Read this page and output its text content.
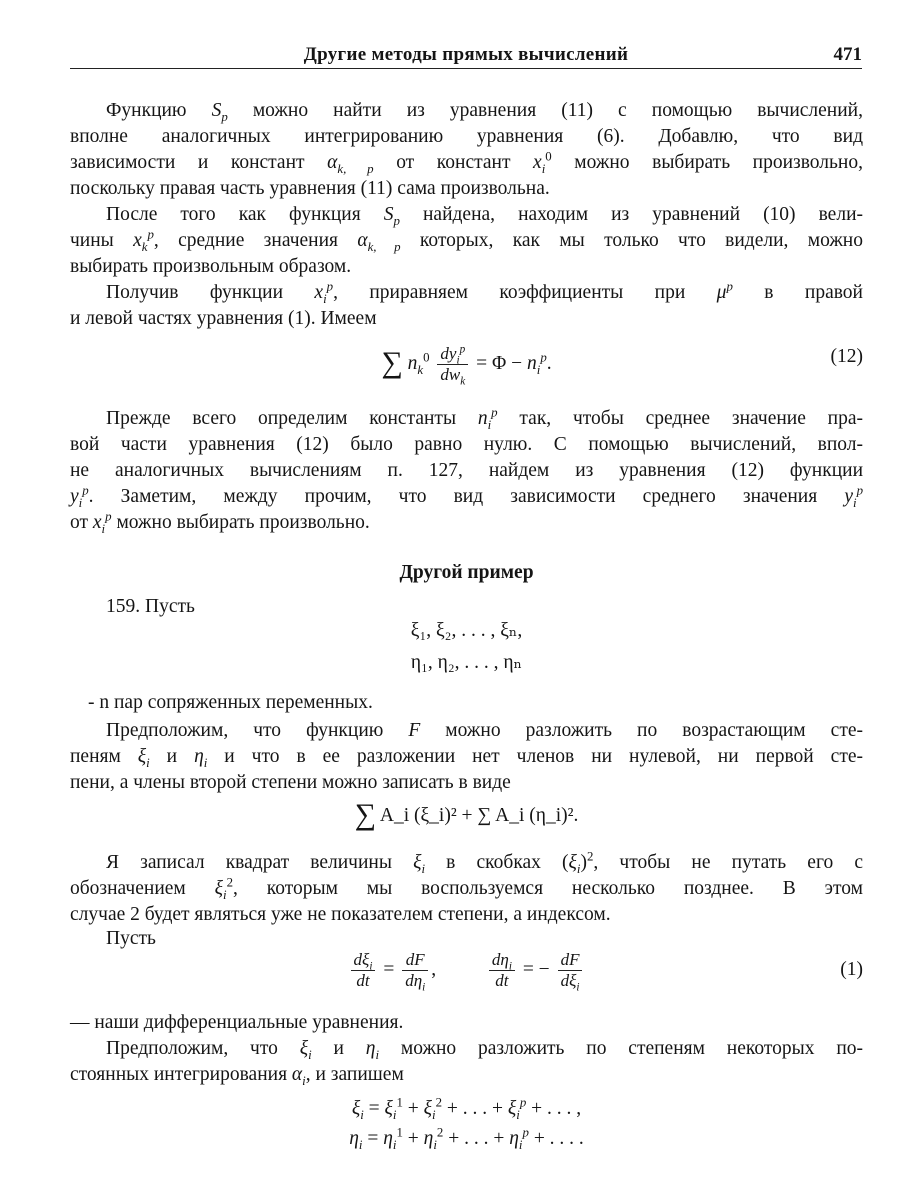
Другие методы прямых вычислений	471
Функцию $S_p$ можно найти из уравнения (11) с помощью вычислений,
вполне аналогичных интегрированию уравнения (6). Добавлю, что вид
зависимости и констант $\alpha_{k, p}$ от констант $x_i^0$ можно выбирать произвольно,
поскольку правая часть уравнения (11) сама произвольна.
После того как функция $S_p$ найдена, находим из уравнений (10) вели-
чины $x_k^p$, средние значения $\alpha_{k, p}$ которых, как мы только что видели, можно
выбирать произвольным образом.
Получив функции $x_i^p$, приравняем коэффициенты при $\mu^p$ в правой
и левой частях уравнения (1). Имеем
∑ $n_k^0 \frac{dy_i^p}{dw_k} = \Phi - n_i^p$.	(12)
Прежде всего определим константы $n_i^p$ так, чтобы среднее значение пра-
вой части уравнения (12) было равно нулю. С помощью вычислений, впол-
не аналогичных вычислениям п. 127, найдем из уравнения (12) функции
$y_i^p$. Заметим, между прочим, что вид зависимости среднего значения $y_i^p$
от $x_i^p$ можно выбирать произвольно.
Другой пример
159. Пусть
ξ₁, ξ₂, . . . , ξₙ,
η₁, η₂, . . . , ηₙ
- n пар сопряженных переменных.
Предположим, что функцию F можно разложить по возрастающим сте-
пеням $\xi_i$ и $\eta_i$ и что в ее разложении нет членов ни нулевой, ни первой сте-
пени, а члены второй степени можно записать в виде
∑ A_i (ξ_i)² + ∑ A_i (η_i)².
Я записал квадрат величины $\xi_i$ в скобках $(\xi_i)^2$, чтобы не путать его с
обозначением $\xi_i^2$, которым мы воспользуемся несколько позднее. В этом
случае 2 будет являться уже не показателем степени, а индексом.
Пусть
$\frac{d\xi_i}{dt} = \frac{dF}{d\eta_i}$ ,	$\frac{d\eta_i}{dt}$ = − $\frac{dF}{d\xi_i}$	(1)
— наши дифференциальные уравнения.
Предположим, что $\xi_i$ и $\eta_i$ можно разложить по степеням некоторых по-
стоянных интегрирования $\alpha_i$, и запишем
$\xi_i = \xi_i^1 + \xi_i^2$ + . . . + $\xi_i^p$ + . . . ,
$\eta_i = \eta_i^1 + \eta_i^2$ + . . . + $\eta_i^p$ + . . . .
